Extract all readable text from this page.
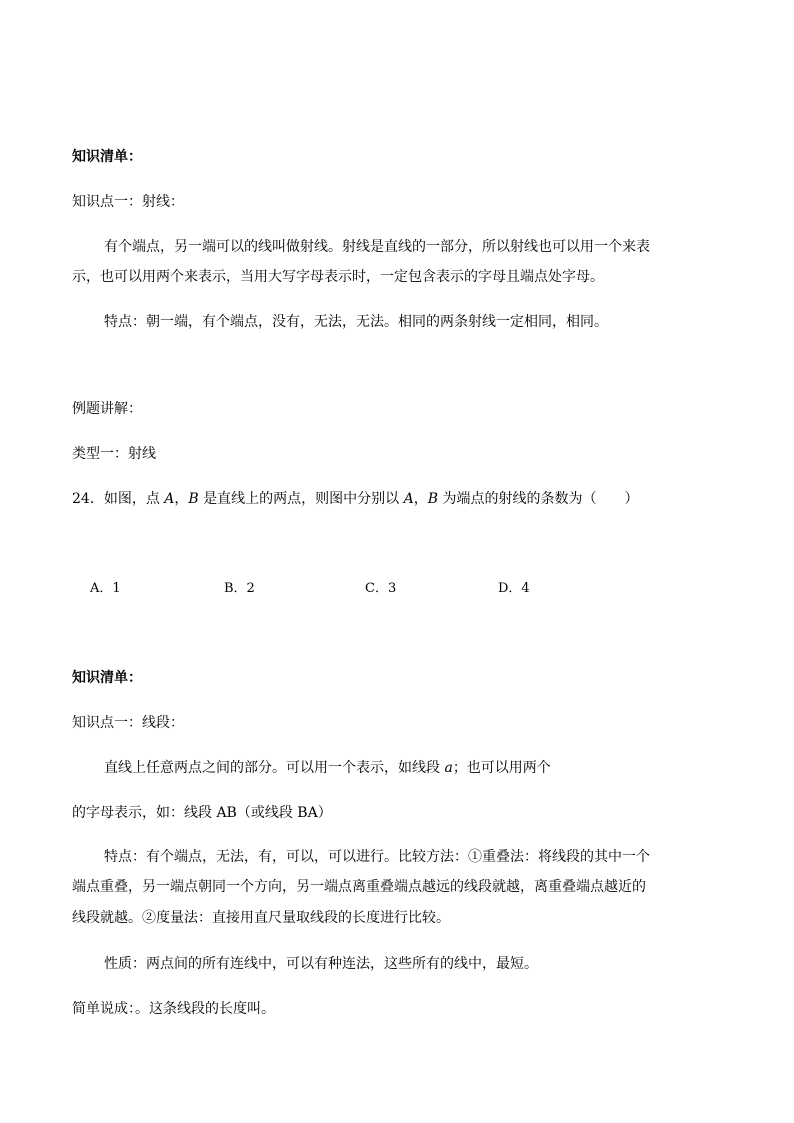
知识清单：
知识点一：射线：
有个端点，另一端可以的线叫做射线。射线是直线的一部分，所以射线也可以用一个来表
示，也可以用两个来表示，当用大写字母表示时，一定包含表示的字母且端点处字母。
特点：朝一端，有个端点，没有，无法，无法。相同的两条射线一定相同，相同。
例题讲解：
类型一：射线
24．如图，点 A，B 是直线上的两点，则图中分别以 A，B 为端点的射线的条数为（　　）
A．1	B．2	C．3	D．4
知识清单：
知识点一：线段：
直线上任意两点之间的部分。可以用一个表示，如线段 a；也可以用两个
的字母表示，如：线段 AB（或线段 BA）
特点：有个端点，无法，有，可以，可以进行。比较方法：①重叠法：将线段的其中一个
端点重叠，另一端点朝同一个方向，另一端点离重叠端点越远的线段就越，离重叠端点越近的
线段就越。②度量法：直接用直尺量取线段的长度进行比较。
性质：两点间的所有连线中，可以有种连法，这些所有的线中，最短。
简单说成：。这条线段的长度叫。
